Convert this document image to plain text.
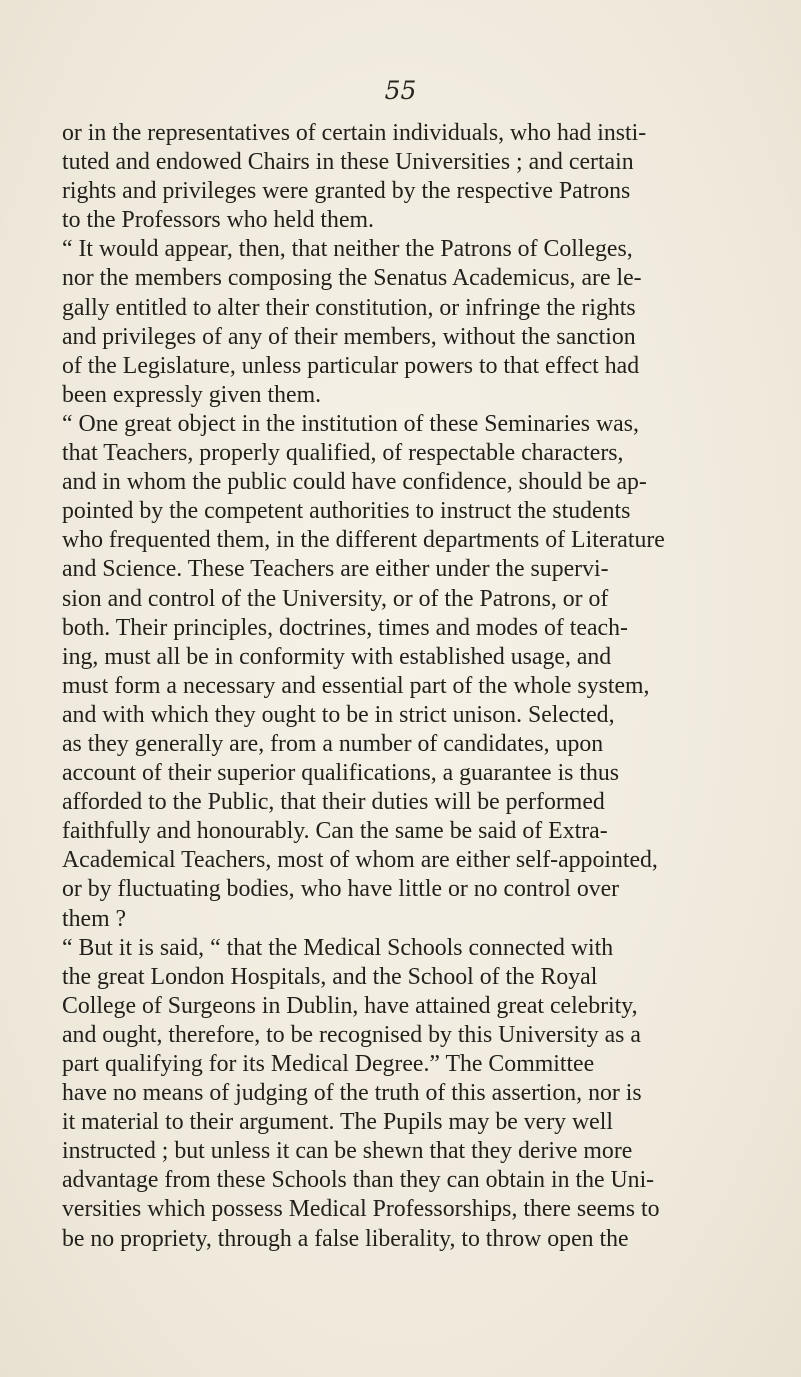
55

or in the representatives of certain individuals, who had insti-
tuted and endowed Chairs in these Universities ; and certain
rights and privileges were granted by the respective Patrons
to the Professors who held them.

“ It would appear, then, that neither the Patrons of Colleges,
nor the members composing the Senatus Academicus, are le-
gally entitled to alter their constitution, or infringe the rights
and privileges of any of their members, without the sanction
of the Legislature, unless particular powers to that effect had
been expressly given them.

“ One great object in the institution of these Seminaries was,
that Teachers, properly qualified, of respectable characters,
and in whom the public could have confidence, should be ap-
pointed by the competent authorities to instruct the students
who frequented them, in the different departments of Literature
and Science. These Teachers are either under the supervi-
sion and control of the University, or of the Patrons, or of
both. Their principles, doctrines, times and modes of teach-
ing, must all be in conformity with established usage, and
must form a necessary and essential part of the whole system,
and with which they ought to be in strict unison. Selected,
as they generally are, from a number of candidates, upon
account of their superior qualifications, a guarantee is thus
afforded to the Public, that their duties will be performed
faithfully and honourably. Can the same be said of Extra-
Academical Teachers, most of whom are either self-appointed,
or by fluctuating bodies, who have little or no control over
them ?

“ But it is said, “ that the Medical Schools connected with
the great London Hospitals, and the School of the Royal
College of Surgeons in Dublin, have attained great celebrity,
and ought, therefore, to be recognised by this University as a
part qualifying for its Medical Degree.” The Committee
have no means of judging of the truth of this assertion, nor is
it material to their argument. The Pupils may be very well
instructed ; but unless it can be shewn that they derive more
advantage from these Schools than they can obtain in the Uni-
versities which possess Medical Professorships, there seems to
be no propriety, through a false liberality, to throw open the
